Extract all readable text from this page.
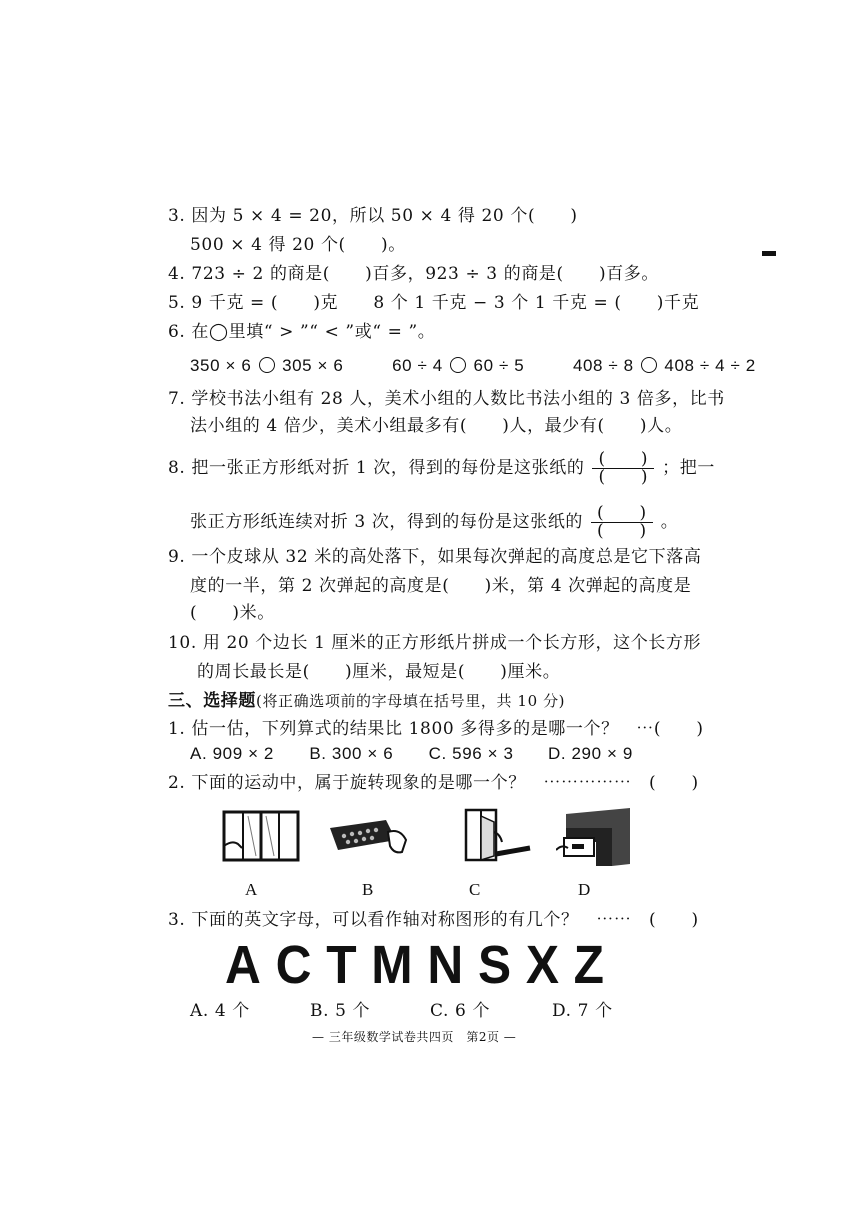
3. 因为 5 × 4 = 20，所以 50 × 4 得 20 个(　　)
500 × 4 得 20 个(　　)。
4. 723 ÷ 2 的商是(　　)百多，923 ÷ 3 的商是(　　)百多。
5. 9 千克 = (　　)克　　8 个 1 千克 − 3 个 1 千克 = (　　)千克
6. 在◯里填“ > ”“ < ”或“ = ”。
350 × 6 305 × 6	60 ÷ 4 60 ÷ 5	408 ÷ 8 408 ÷ 4 ÷ 2
7. 学校书法小组有 28 人，美术小组的人数比书法小组的 3 倍多，比书
法小组的 4 倍少，美术小组最多有(　　)人，最少有(　　)人。
8. 把一张正方形纸对折 1 次，得到的每份是这张纸的 $\frac{( )}{( )}$ ；把一
张正方形纸连续对折 3 次，得到的每份是这张纸的 $\frac{( )}{( )}$ 。
9. 一个皮球从 32 米的高处落下，如果每次弹起的高度总是它下落高
度的一半，第 2 次弹起的高度是(　　)米，第 4 次弹起的高度是
(　　)米。
10. 用 20 个边长 1 厘米的正方形纸片拼成一个长方形，这个长方形
的周长最长是(　　)厘米，最短是(　　)厘米。
三、选择题(将正确选项前的字母填在括号里，共 10 分)
1. 估一估，下列算式的结果比 1800 多得多的是哪一个？　⋯(　　)
A. 909 × 2 B. 300 × 6 C. 596 × 3 D. 290 × 9
2. 下面的运动中，属于旋转现象的是哪一个？　⋯⋯⋯⋯⋯　(　　)
A	B	C	D
3. 下面的英文字母，可以看作轴对称图形的有几个？　⋯⋯　(　　)
ACTMNSXZ
A. 4 个	B. 5 个	C. 6 个	D. 7 个
— 三年级数学试卷共四页　第2页 —
